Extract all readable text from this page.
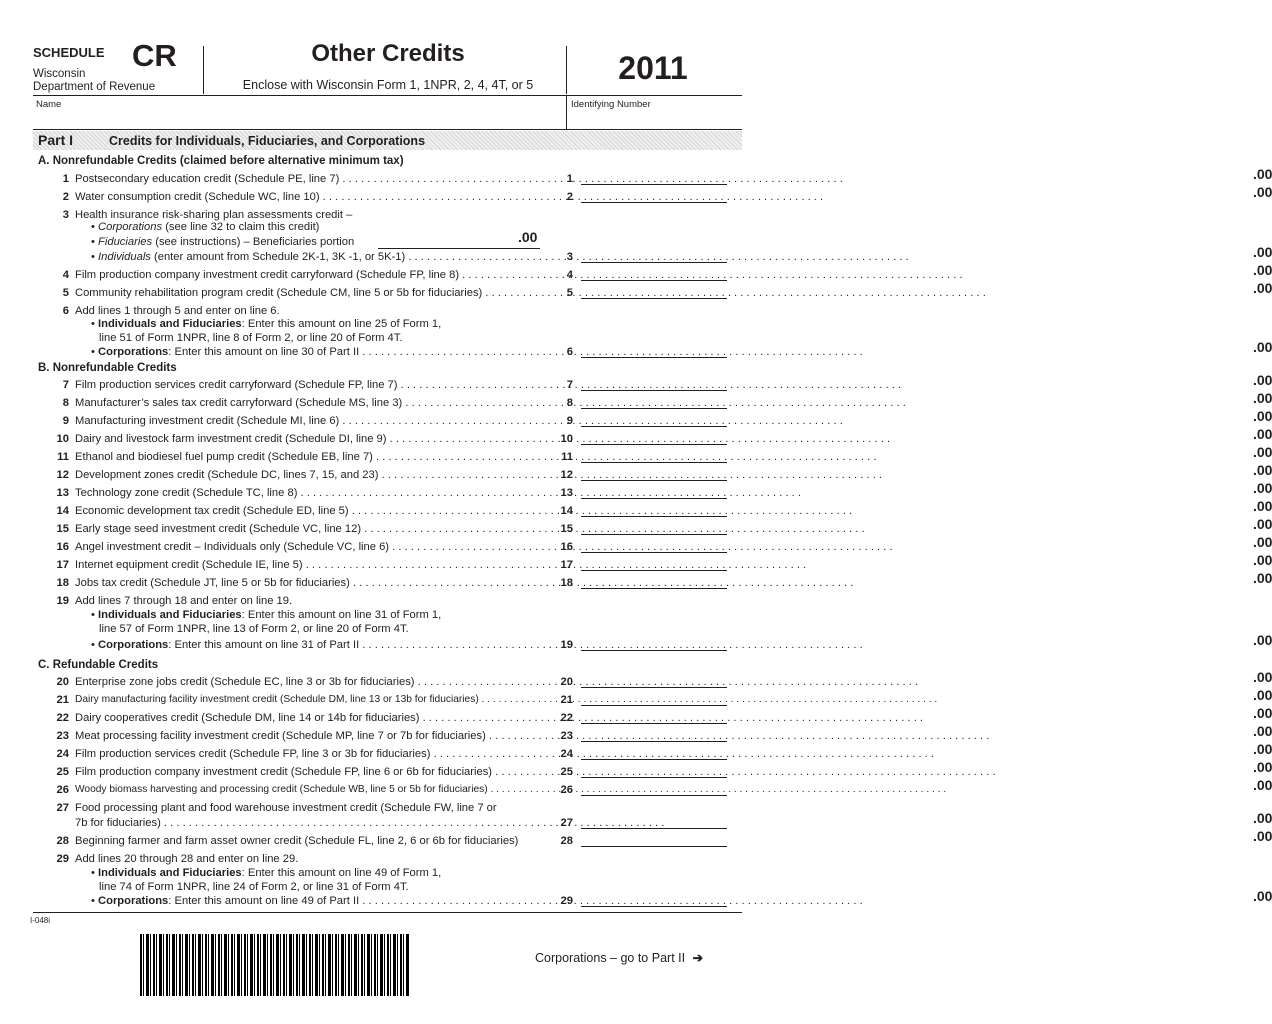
SCHEDULE CR
Wisconsin
Department of Revenue
Other Credits
Enclose with Wisconsin Form 1, 1NPR, 2, 4, 4T, or 5	2011
Name	Identifying Number
Part I	Credits for Individuals, Fiduciaries, and Corporations
A. Nonrefundable Credits (claimed before alternative minimum tax)
1 Postsecondary education credit (Schedule PE, line 7) . . .	1	.00
2 Water consumption credit (Schedule WC, line 10) . . .	2	.00
3 Health insurance risk-sharing plan assessments credit –
• Corporations (see line 32 to claim this credit)
• Fiduciaries (see instructions) – Beneficiaries portion	.00
• Individuals (enter amount from Schedule 2K-1, 3K -1, or 5K-1) . . .	3	.00
4 Film production company investment credit carryforward (Schedule FP, line 8) . . .	4	.00
5 Community rehabilitation program credit (Schedule CM, line 5 or 5b for fiduciaries) . . .	5	.00
6 Add lines 1 through 5 and enter on line 6.
• Individuals and Fiduciaries: Enter this amount on line 25 of Form 1,
line 51 of Form 1NPR, line 8 of Form 2, or line 20 of Form 4T.
• Corporations: Enter this amount on line 30 of Part II . . .	6	.00
B. Nonrefundable Credits
7 Film production services credit carryforward (Schedule FP, line 7) . . .	7	.00
8 Manufacturer’s sales tax credit carryforward (Schedule MS, line 3) . . .	8	.00
9 Manufacturing investment credit (Schedule MI, line 6) . . .	9	.00
10 Dairy and livestock farm investment credit (Schedule DI, line 9) . . .	10	.00
11 Ethanol and biodiesel fuel pump credit (Schedule EB, line 7) . . .	11	.00
12 Development zones credit (Schedule DC, lines 7, 15, and 23) . . .	12	.00
13 Technology zone credit (Schedule TC, line 8) . . .	13	.00
14 Economic development tax credit (Schedule ED, line 5) . . .	14	.00
15 Early stage seed investment credit (Schedule VC, line 12) . . .	15	.00
16 Angel investment credit – Individuals only (Schedule VC, line 6) . . .	16	.00
17 Internet equipment credit (Schedule IE, line 5) . . .	17	.00
18 Jobs tax credit (Schedule JT, line 5 or 5b for fiduciaries) . . .	18	.00
19 Add lines 7 through 18 and enter on line 19.
• Individuals and Fiduciaries: Enter this amount on line 31 of Form 1,
line 57 of Form 1NPR, line 13 of Form 2, or line 20 of Form 4T.
• Corporations: Enter this amount on line 31 of Part II . . .	19	.00
C. Refundable Credits
20 Enterprise zone jobs credit (Schedule EC, line 3 or 3b for fiduciaries) . . .	20	.00
21 Dairy manufacturing facility investment credit (Schedule DM, line 13 or 13b for fiduciaries) . . .	21	.00
22 Dairy cooperatives credit (Schedule DM, line 14 or 14b for fiduciaries) . . .	22	.00
23 Meat processing facility investment credit (Schedule MP, line 7 or 7b for fiduciaries) . . .	23	.00
24 Film production services credit (Schedule FP, line 3 or 3b for fiduciaries) . . .	24	.00
25 Film production company investment credit (Schedule FP, line 6 or 6b for fiduciaries) . . .	25	.00
26 Woody biomass harvesting and processing credit (Schedule WB, line 5 or 5b for fiduciaries) . . .	26	.00
27 Food processing plant and food warehouse investment credit (Schedule FW, line 7 or
7b for fiduciaries) . . .	27	.00
28 Beginning farmer and farm asset owner credit (Schedule FL, line 2, 6 or 6b for fiduciaries)	28	.00
29 Add lines 20 through 28 and enter on line 29.
• Individuals and Fiduciaries: Enter this amount on line 49 of Form 1,
line 74 of Form 1NPR, line 24 of Form 2, or line 31 of Form 4T.
• Corporations: Enter this amount on line 49 of Part II . . .	29	.00
I-048i
Corporations – go to Part II ➔
